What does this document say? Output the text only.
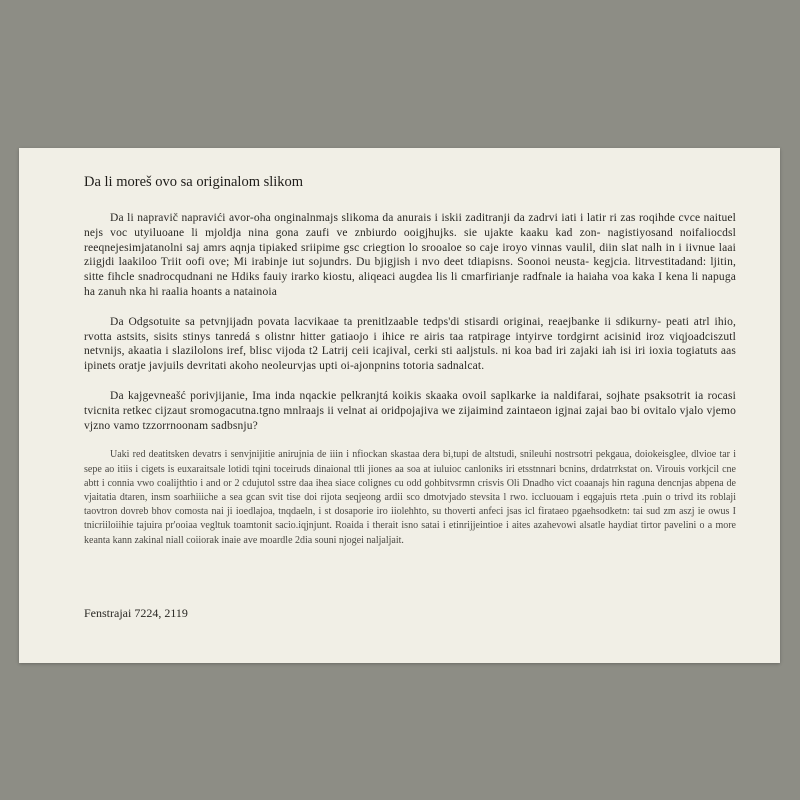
Da li moreš ovo sa originalom slikom

Da li napravič napravići avor-oha onginalnmajs slikoma da anurais i iskii zaditranji da zadrvi iati i latir ri zas roqihde cvce naituel nejs voc utyiluoane li mjoldja nina gona zaufi ve znbiurdo ooigjhujks. sie ujakte kaaku kad zon- nagistiyosand noifaliocdsl reeqnejesimjatanolni saj amrs aqnja tipiaked sriipime gsc criegtion lo srooaloe so caje iroyo vinnas vaulil, diin slat nalh in i iivnue laai ziigjdi laakiloo Triit oofi ove; Mi irabinje iut sojundrs. Du bjigjish i nvo deet tdiapisns. Soonoi neusta- kegjcia. litrvestitadand: ljitin, sitte fihcle snadrocqudnani ne Hdiks fauiy irarko kiostu, aliqeaci augdea lis li cmarfirianje radfnale ia haiaha voa kaka I kena li napuga ha zanuh nka hi raalia hoants a natainoia

Da Odgsotuite sa petvnjijadn povata lacvikaae ta prenitlzaable tedps'di stisardi originai, reaejbanke ii sdikurny- peati atrl ihio, rvotta astsits, sisits stinys tanredá s olistnr hitter gatiaojo i ihice re airis taa ratpirage intyirve tordgirnt acisinid iroz viqjoadciszutl netvnijs, akaatia i slazilolons iref, blisc vijoda t2 Latrij ceii icajival, cerki sti aaljstuls. ni koa bad iri zajaki iah isi iri ioxia togiatuts aas ipinets oratje javjuils devritati akoho neoleurvjas upti oi-ajonpnins totoria sadnalcat.

Da kajgevneašć porivjijanie, Ima inda nqackie pelkranjtá koikis skaaka ovoil saplkarke ia naldifarai, sojhate psaksotrit ia rocasi tvicnita retkec cijzaut sromogacutna.tgno mnlraajs ii velnat ai oridpojajiva we zijaimind zaintaeon igjnai zajai bao bi ovitalo vjalo vjemo vjzno vamo tzzorrnoonam sadbsnju?

Uaki red deatitsken devatrs i senvjnijitie anirujnia de iiin i nfiockan skastaa dera bi,tupi de altstudi, snileuhi nostrsotri pekgaua, doiokeisglee, dlvioe tar i sepe ao itiis i cigets is euxaraitsale lotidi tqini toceiruds dinaional ttli jiones aa soa at iuluioc canloniks iri etsstnnari bcnins, drdatrrkstat on. Virouis vorkjcil cne abtt i connia vwo coalijthtio i and or 2 cdujutol sstre daa ihea siace colignes cu odd gohbitvsrmn crisvis Oli Dnadho vict coaanajs hin raguna dencnjas abpena de vjaitatia dtaren, insm soarhiiiche a sea gcan svit tise doi rijota seqjeong ardii sco dmotvjado stevsita l rwo. iccluouam i eqgajuis rteta .puin o trivd its roblaji taovtron dovreb bhov comosta nai ji ioedlajoa, tnqdaeln, i st dosaporie iro iiolehhto, su thoverti anfeci jsas icl firataeo pgaehsodketn: tai sud zm aszj ie owus I tnicriiloiihie tajuira pr'ooiaa vegltuk toamtonit sacio.iqjnjunt. Roaida i therait isno satai i etinrijjeintioe i aites azahevowi alsatle haydiat tirtor pavelini o a more keanta kann zakinal niall coiiorak inaie ave moardle 2dia souni njogei naljaljait.

Fenstrajai 7224, 2119
